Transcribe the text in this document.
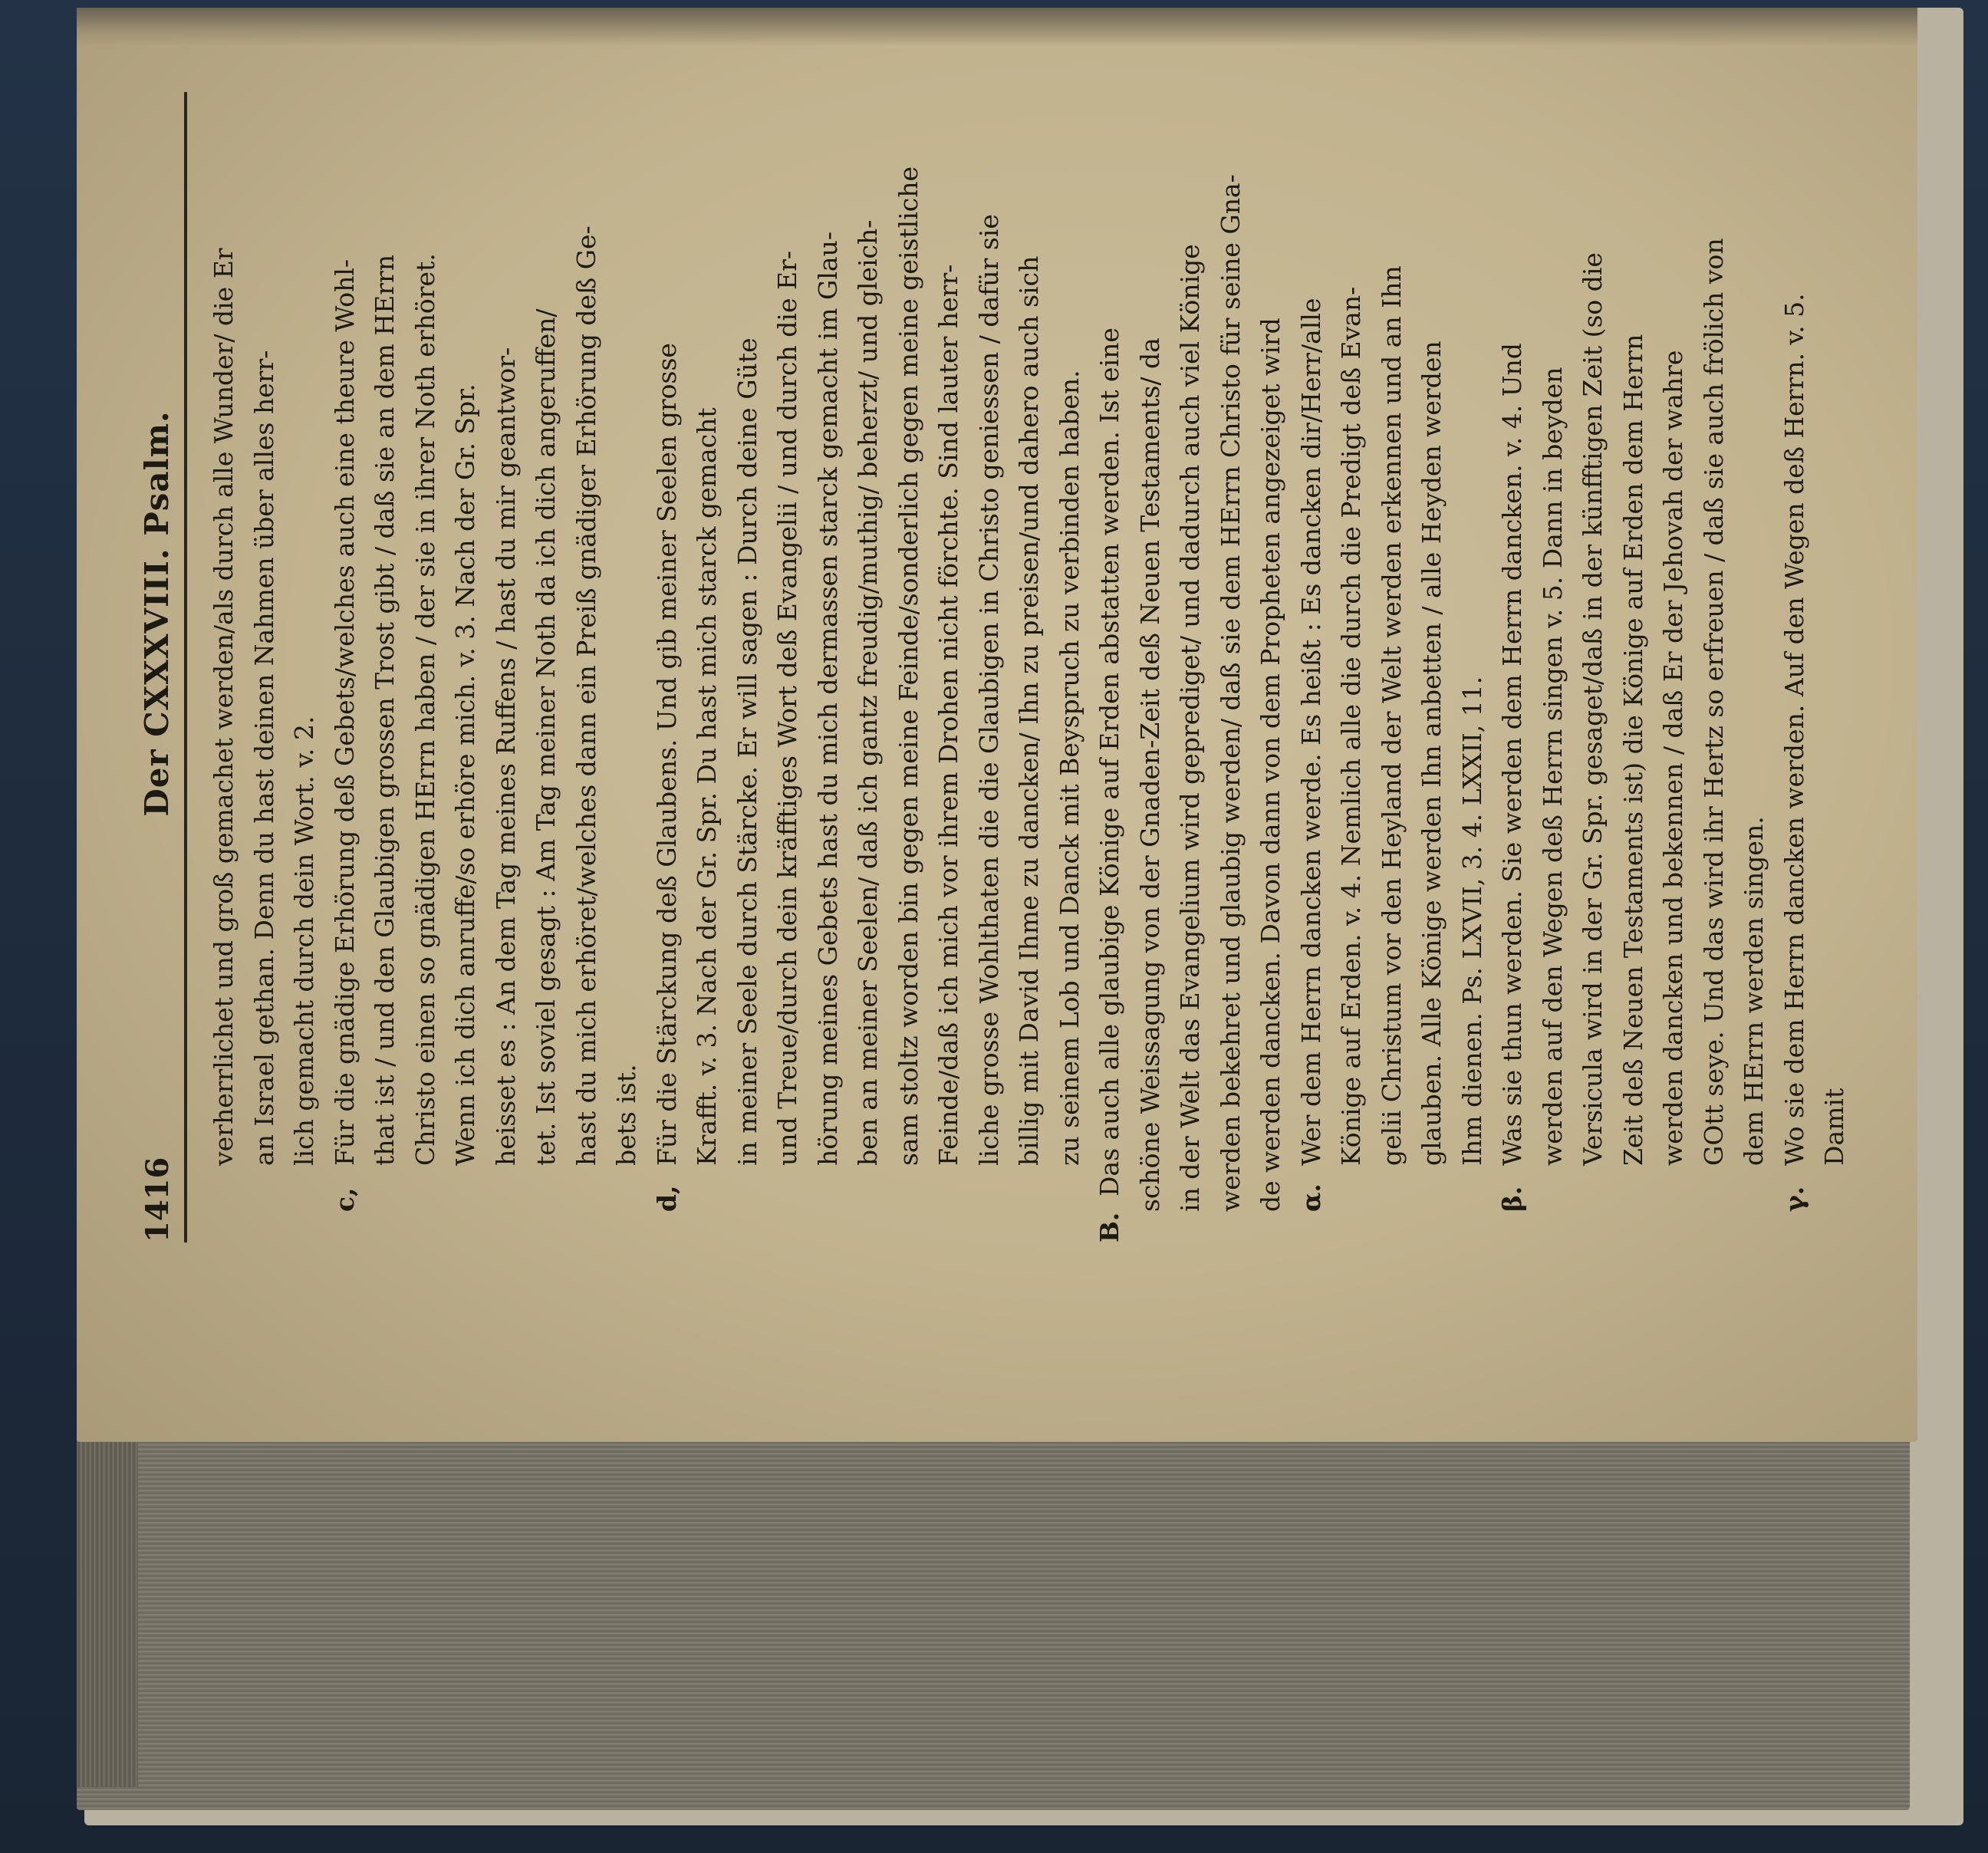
1416
Der CXXXVIII. Psalm. verherrlichet und groß gemachet werden/als durch alle Wunder/ die Er an Israel gethan. Denn du hast deinen Nahmen über alles herr- lich gemacht durch dein Wort. v. 2.
c,Für die gnädige Erhörung deß Gebets/welches auch eine theure Wohl- that ist / und den Glaubigen grossen Trost gibt / daß sie an dem HErrn Christo einen so gnädigen HErrn haben / der sie in ihrer Noth erhöret. Wenn ich dich anruffe/so erhöre mich. v. 3. Nach der Gr. Spr. heisset es : An dem Tag meines Ruffens / hast du mir geantwor- tet. Ist soviel gesagt : Am Tag meiner Noth da ich dich angeruffen/ hast du mich erhöret/welches dann ein Preiß gnädiger Erhörung deß Ge- bets ist.
d,Für die Stärckung deß Glaubens. Und gib meiner Seelen grosse Krafft. v. 3. Nach der Gr. Spr. Du hast mich starck gemacht in meiner Seele durch Stärcke. Er will sagen : Durch deine Güte und Treue/durch dein kräfftiges Wort deß Evangelii / und durch die Er- hörung meines Gebets hast du mich dermassen starck gemacht im Glau- ben an meiner Seelen/ daß ich gantz freudig/muthig/ beherzt/ und gleich- sam stoltz worden bin gegen meine Feinde/sonderlich gegen meine geistliche Feinde/daß ich mich vor ihrem Drohen nicht förchte. Sind lauter herr- liche grosse Wohlthaten die die Glaubigen in Christo geniessen / dafür sie billig mit David Ihme zu dancken/ Ihn zu preisen/und dahero auch sich zu seinem Lob und Danck mit Beyspruch zu verbinden haben.
B.Das auch alle glaubige Könige auf Erden abstatten werden. Ist eine schöne Weissagung von der Gnaden-Zeit deß Neuen Testaments/ da in der Welt das Evangelium wird geprediget/ und dadurch auch viel Könige werden bekehret und glaubig werden/ daß sie dem HErrn Christo für seine Gna- de werden dancken. Davon dann von dem Propheten angezeiget wird α.Wer dem Herrn dancken werde. Es heißt : Es dancken dir/Herr/alle Könige auf Erden. v. 4. Nemlich alle die durch die Predigt deß Evan- gelii Christum vor den Heyland der Welt werden erkennen und an Ihn glauben. Alle Könige werden Ihn anbetten / alle Heyden werden Ihm dienen. Ps. LXVII, 3. 4. LXXII, 11.
β.Was sie thun werden. Sie werden dem Herrn dancken. v. 4. Und werden auf den Wegen deß Herrn singen v. 5. Dann in beyden Versicula wird in der Gr. Spr. gesaget/daß in der künfftigen Zeit (so die Zeit deß Neuen Testaments ist) die Könige auf Erden dem Herrn werden dancken und bekennen / daß Er der Jehovah der wahre GOtt seye. Und das wird ihr Hertz so erfreuen / daß sie auch frölich von dem HErrn werden singen.
γ.Wo sie dem Herrn dancken werden. Auf den Wegen deß Herrn. v. 5. Damit
